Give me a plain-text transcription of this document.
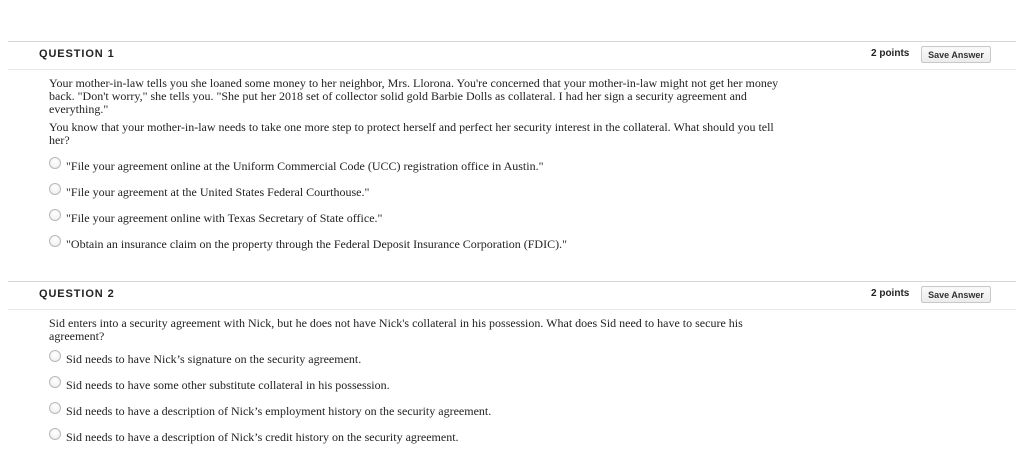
QUESTION 1	2 points	Save Answer

Your mother-in-law tells you she loaned some money to her neighbor, Mrs. Llorona. You're concerned that your mother-in-law might not get her money back. "Don't worry," she tells you. "She put her 2018 set of collector solid gold Barbie Dolls as collateral. I had her sign a security agreement and everything."

You know that your mother-in-law needs to take one more step to protect herself and perfect her security interest in the collateral. What should you tell her?

"File your agreement online at the Uniform Commercial Code (UCC) registration office in Austin."
"File your agreement at the United States Federal Courthouse."
"File your agreement online with Texas Secretary of State office."
"Obtain an insurance claim on the property through the Federal Deposit Insurance Corporation (FDIC)."
QUESTION 2	2 points	Save Answer

Sid enters into a security agreement with Nick, but he does not have Nick's collateral in his possession. What does Sid need to have to secure his agreement?

Sid needs to have Nick’s signature on the security agreement.
Sid needs to have some other substitute collateral in his possession.
Sid needs to have a description of Nick’s employment history on the security agreement.
Sid needs to have a description of Nick’s credit history on the security agreement.
